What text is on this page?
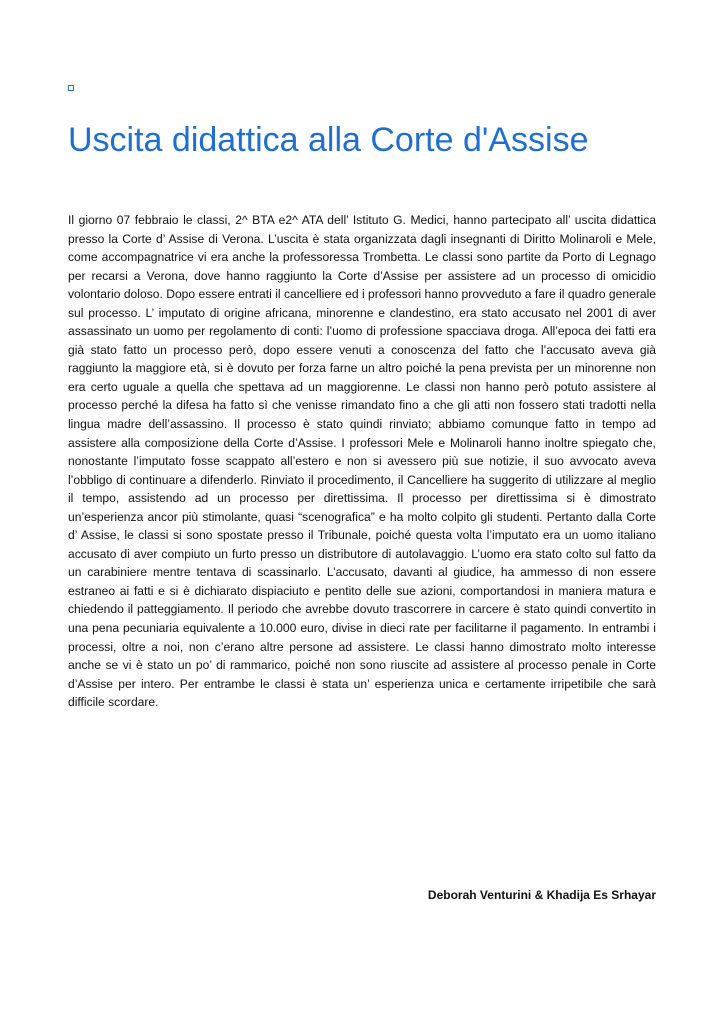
Uscita didattica alla Corte d'Assise

Il giorno 07 febbraio le classi, 2^ BTA e2^ ATA dell’ Istituto G. Medici, hanno partecipato all’ uscita didattica presso la Corte d’ Assise di Verona. L’uscita è stata organizzata dagli insegnanti di Diritto Molinaroli e Mele, come accompagnatrice vi era anche la professoressa Trombetta. Le classi sono partite da Porto di Legnago per recarsi a Verona, dove hanno raggiunto la Corte d’Assise per assistere ad un processo di omicidio volontario doloso. Dopo essere entrati il cancelliere ed i professori hanno provveduto a fare il quadro generale sul processo. L’ imputato di origine africana, minorenne e clandestino, era stato accusato nel 2001 di aver assassinato un uomo per regolamento di conti: l’uomo di professione spacciava droga. All’epoca dei fatti era già stato fatto un processo però, dopo essere venuti a conoscenza del fatto che l’accusato aveva già raggiunto la maggiore età, si è dovuto per forza farne un altro poiché la pena prevista per un minorenne non era certo uguale a quella che spettava ad un maggiorenne. Le classi non hanno però potuto assistere al processo perché la difesa ha fatto sì che venisse rimandato fino a che gli atti non fossero stati tradotti nella lingua madre dell’assassino. Il processo è stato quindi rinviato; abbiamo comunque fatto in tempo ad assistere alla composizione della Corte d’Assise. I professori Mele e Molinaroli hanno inoltre spiegato che, nonostante l’imputato fosse scappato all’estero e non si avessero più sue notizie, il suo avvocato aveva l’obbligo di continuare a difenderlo. Rinviato il procedimento, il Cancelliere ha suggerito di utilizzare al meglio il tempo, assistendo ad un processo per direttissima. Il processo per direttissima si è dimostrato un’esperienza ancor più stimolante, quasi “scenografica” e ha molto colpito gli studenti. Pertanto dalla Corte d’ Assise, le classi si sono spostate presso il Tribunale, poiché questa volta l’imputato era un uomo italiano accusato di aver compiuto un furto presso un distributore di autolavaggio. L’uomo era stato colto sul fatto da un carabiniere mentre tentava di scassinarlo. L’accusato, davanti al giudice, ha ammesso di non essere estraneo ai fatti e si è dichiarato dispiaciuto e pentito delle sue azioni, comportandosi in maniera matura e chiedendo il patteggiamento. Il periodo che avrebbe dovuto trascorrere in carcere è stato quindi convertito in una pena pecuniaria equivalente a 10.000 euro, divise in dieci rate per facilitarne il pagamento. In entrambi i processi, oltre a noi, non c’erano altre persone ad assistere. Le classi hanno dimostrato molto interesse anche se vi è stato un po’ di rammarico, poiché non sono riuscite ad assistere al processo penale in Corte d’Assise per intero. Per entrambe le classi è stata un’ esperienza unica e certamente irripetibile che sarà difficile scordare.

Deborah Venturini & Khadija Es Srhayar
